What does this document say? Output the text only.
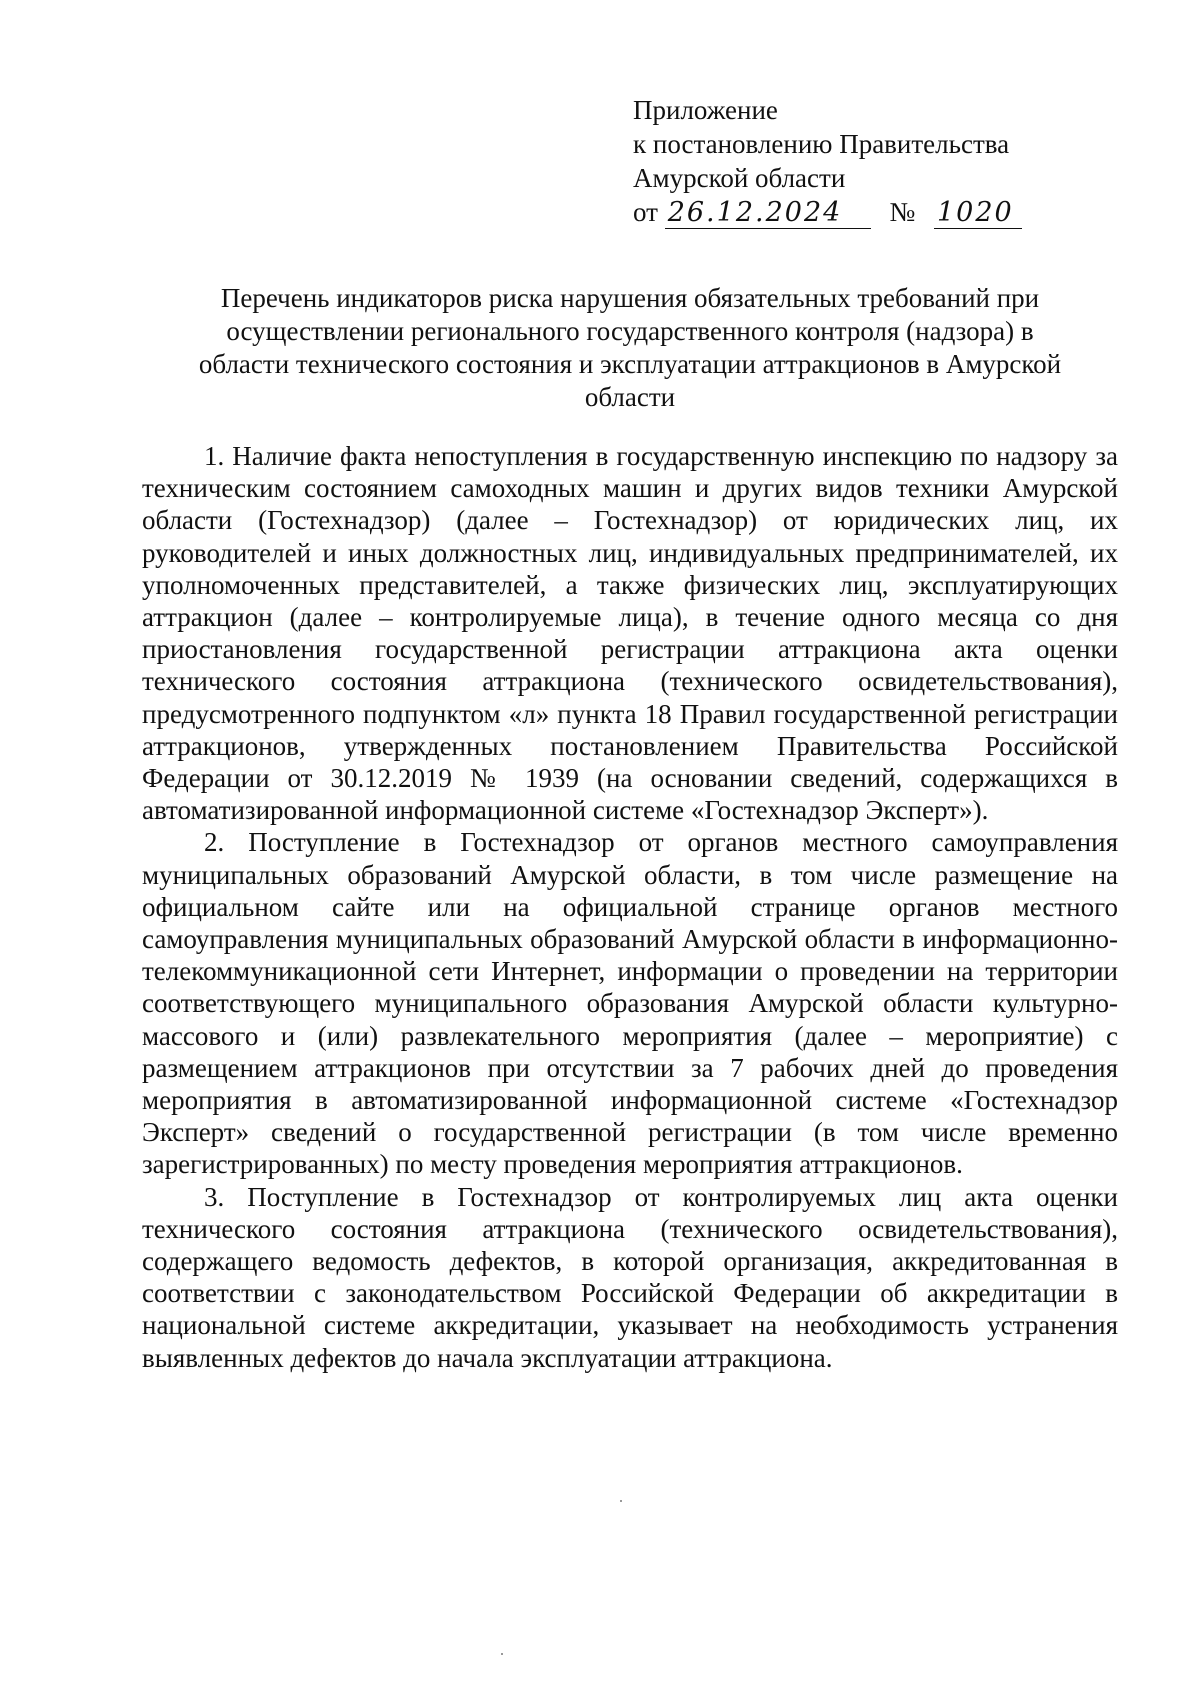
Приложение
к постановлению Правительства
Амурской области
от 26.12.2024 № 1020
Перечень индикаторов риска нарушения обязательных требований при
осуществлении регионального государственного контроля (надзора) в
области технического состояния и эксплуатации аттракционов в Амурской
области

1. Наличие факта непоступления в государственную инспекцию по надзору за техническим состоянием самоходных машин и других видов техники Амурской области (Гостехнадзор) (далее – Гостехнадзор) от юридических лиц, их руководителей и иных должностных лиц, индивидуальных предпринимателей, их уполномоченных представителей, а также физических лиц, эксплуатирующих аттракцион (далее – контролируемые лица), в течение одного месяца со дня приостановления государственной регистрации аттракциона акта оценки технического состояния аттракциона (технического освидетельствования), предусмотренного подпунктом «л» пункта 18 Правил государственной регистрации аттракционов, утвержденных постановлением Правительства Российской Федерации от 30.12.2019 № 1939 (на основании сведений, содержащихся в автоматизированной информационной системе «Гостехнадзор Эксперт»).

2. Поступление в Гостехнадзор от органов местного самоуправления муниципальных образований Амурской области, в том числе размещение на официальном сайте или на официальной странице органов местного самоуправления муниципальных образований Амурской области в информационно-телекоммуникационной сети Интернет, информации о проведении на территории соответствующего муниципального образования Амурской области культурно-массового и (или) развлекательного мероприятия (далее – мероприятие) с размещением аттракционов при отсутствии за 7 рабочих дней до проведения мероприятия в автоматизированной информационной системе «Гостехнадзор Эксперт» сведений о государственной регистрации (в том числе временно зарегистрированных) по месту проведения мероприятия аттракционов.

3. Поступление в Гостехнадзор от контролируемых лиц акта оценки технического состояния аттракциона (технического освидетельствования), содержащего ведомость дефектов, в которой организация, аккредитованная в соответствии с законодательством Российской Федерации об аккредитации в национальной системе аккредитации, указывает на необходимость устранения выявленных дефектов до начала эксплуатации аттракциона.
